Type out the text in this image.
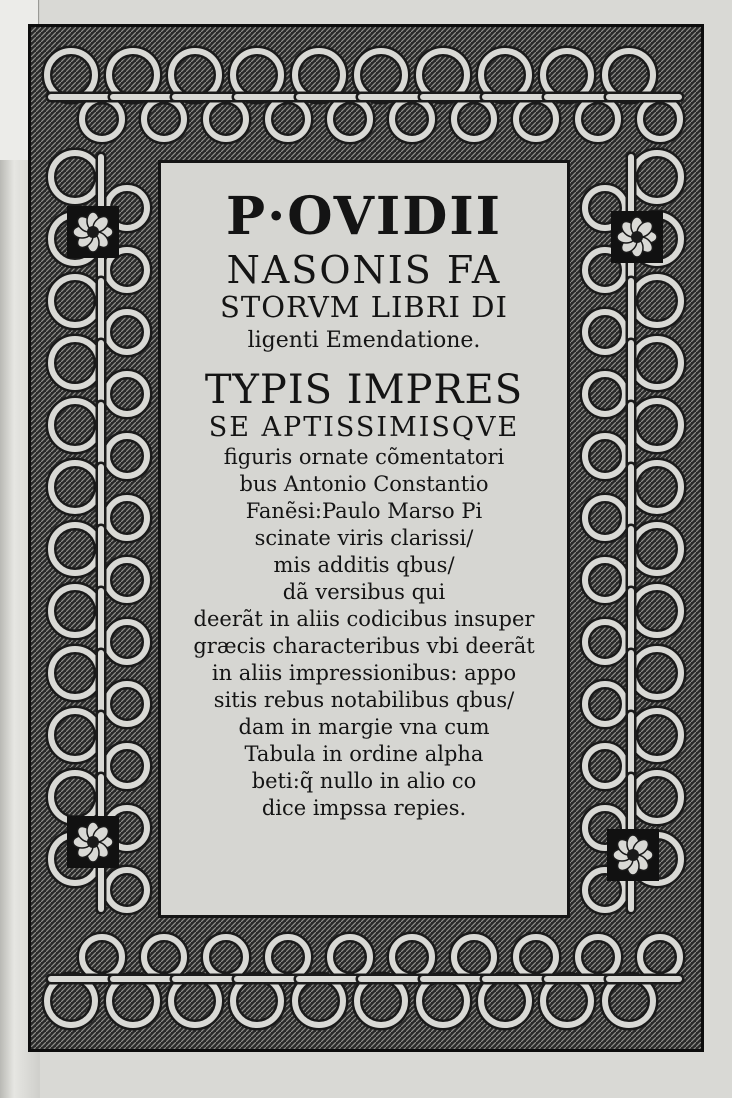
P·OVIDII
NASONIS FA
STORVM LIBRI DI
ligenti Emendatione.
TYPIS IMPRES
SE APTISSIMISQVE
figuris ornate cõmentatori
bus Antonio Constantio
Fanẽsi:Paulo Marso Pi
scinate viris clarissi/
mis additis qbus/
dã versibus qui
deerãt in aliis codicibus insuper
græcis characteribus vbi deerãt
in aliis impressionibus: appo
sitis rebus notabilibus qbus/
dam in margie vna cum
Tabula in ordine alpha
beti:q̃ nullo in alio co
dice impssa repies.
